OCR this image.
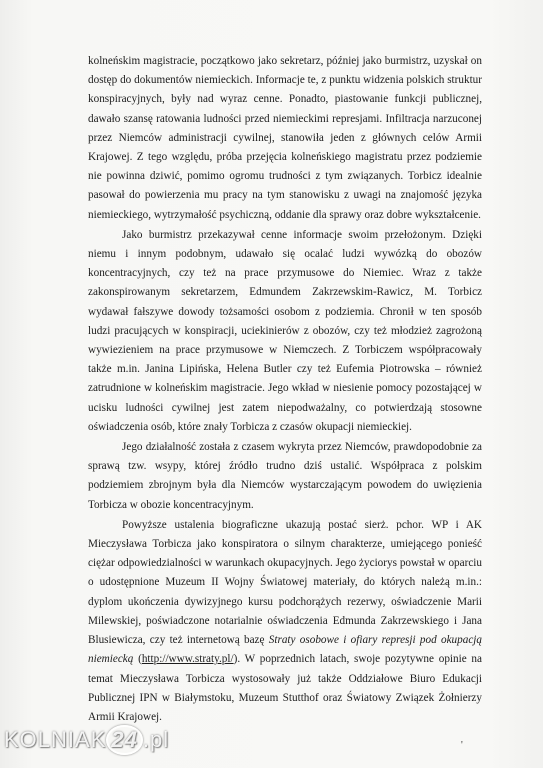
kolneńskim magistracie, początkowo jako sekretarz, później jako burmistrz, uzyskał on dostęp do dokumentów niemieckich. Informacje te, z punktu widzenia polskich struktur konspiracyjnych, były nad wyraz cenne. Ponadto, piastowanie funkcji publicznej, dawało szansę ratowania ludności przed niemieckimi represjami. Infiltracja narzuconej przez Niemców administracji cywilnej, stanowiła jeden z głównych celów Armii Krajowej. Z tego względu, próba przejęcia kolneńskiego magistratu przez podziemie nie powinna dziwić, pomimo ogromu trudności z tym związanych. Torbicz idealnie pasował do powierzenia mu pracy na tym stanowisku z uwagi na znajomość języka niemieckiego, wytrzymałość psychiczną, oddanie dla sprawy oraz dobre wykształcenie.

Jako burmistrz przekazywał cenne informacje swoim przełożonym. Dzięki niemu i innym podobnym, udawało się ocalać ludzi wywózką do obozów koncentracyjnych, czy też na prace przymusowe do Niemiec. Wraz z także zakonspirowanym sekretarzem, Edmundem Zakrzewskim-Rawicz, M. Torbicz wydawał fałszywe dowody tożsamości osobom z podziemia. Chronił w ten sposób ludzi pracujących w konspiracji, uciekinierów z obozów, czy też młodzież zagrożoną wywiezieniem na prace przymusowe w Niemczech. Z Torbiczem współpracowały także m.in. Janina Lipińska, Helena Butler czy też Eufemia Piotrowska – również zatrudnione w kolneńskim magistracie. Jego wkład w niesienie pomocy pozostającej w ucisku ludności cywilnej jest zatem niepodważalny, co potwierdzają stosowne oświadczenia osób, które znały Torbicza z czasów okupacji niemieckiej.

Jego działalność została z czasem wykryta przez Niemców, prawdopodobnie za sprawą tzw. wsypy, której źródło trudno dziś ustalić. Współpraca z polskim podziemiem zbrojnym była dla Niemców wystarczającym powodem do uwięzienia Torbicza w obozie koncentracyjnym.

Powyższe ustalenia biograficzne ukazują postać sierż. pchor. WP i AK Mieczysława Torbicza jako konspiratora o silnym charakterze, umiejącego ponieść ciężar odpowiedzialności w warunkach okupacyjnych. Jego życiorys powstał w oparciu o udostępnione Muzeum II Wojny Światowej materiały, do których należą m.in.: dyplom ukończenia dywizyjnego kursu podchorążych rezerwy, oświadczenie Marii Milewskiej, poświadczone notarialnie oświadczenia Edmunda Zakrzewskiego i Jana Blusiewicza, czy też internetową bazę Straty osobowe i ofiary represji pod okupacją niemiecką (http://www.straty.pl/). W poprzednich latach, swoje pozytywne opinie na temat Mieczysława Torbicza wystosowały już także Oddziałowe Biuro Edukacji Publicznej IPN w Białymstoku, Muzeum Stutthof oraz Światowy Związek Żołnierzy Armii Krajowej.

KOLNIAK 24 .pl	'
